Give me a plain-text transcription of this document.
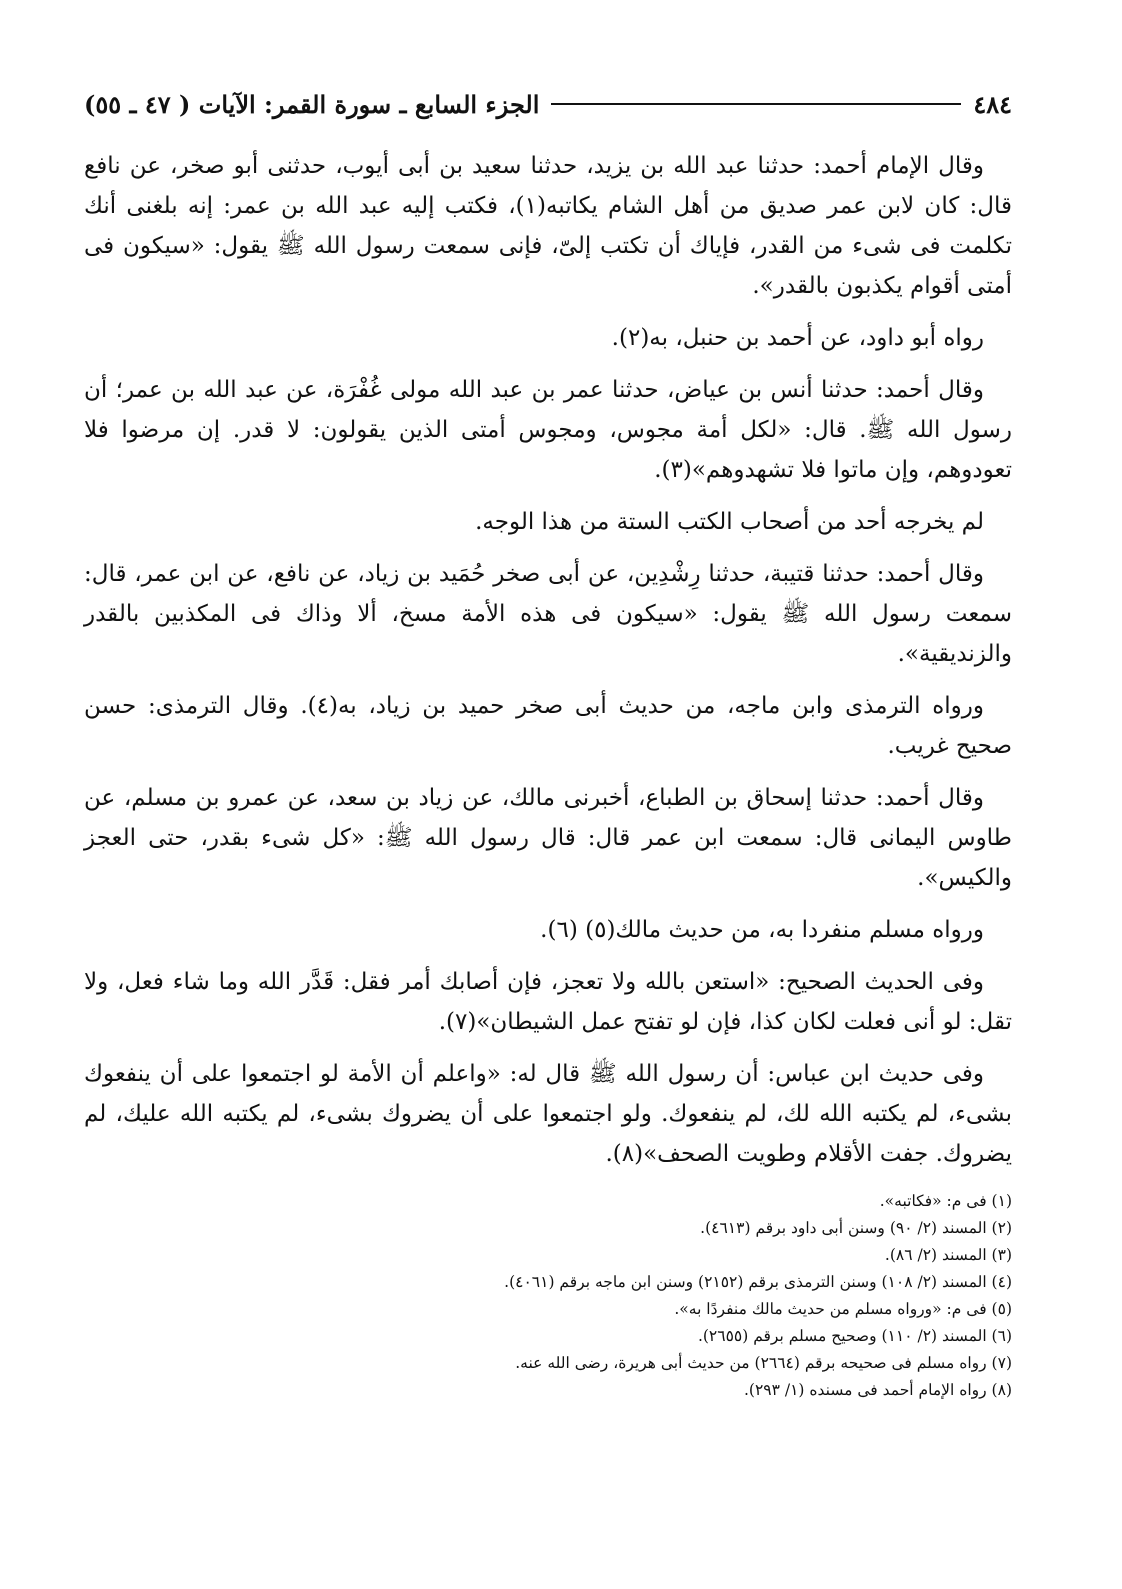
٤٨٤
الجزء السابع ـ سورة القمر: الآيات ( ٤٧ ـ ٥٥)

وقال الإمام أحمد: حدثنا عبد الله بن يزيد، حدثنا سعيد بن أبى أيوب، حدثنى أبو صخر، عن نافع قال: كان لابن عمر صديق من أهل الشام يكاتبه(١)، فكتب إليه عبد الله بن عمر: إنه بلغنى أنك تكلمت فى شىء من القدر، فإياك أن تكتب إلىّ، فإنى سمعت رسول الله ﷺ يقول: «سيكون فى أمتى أقوام يكذبون بالقدر».

رواه أبو داود، عن أحمد بن حنبل، به(٢).

وقال أحمد: حدثنا أنس بن عياض، حدثنا عمر بن عبد الله مولى غُفْرَة، عن عبد الله بن عمر؛ أن رسول الله ﷺ. قال: «لكل أمة مجوس، ومجوس أمتى الذين يقولون: لا قدر. إن مرضوا فلا تعودوهم، وإن ماتوا فلا تشهدوهم»(٣).

لم يخرجه أحد من أصحاب الكتب الستة من هذا الوجه.

وقال أحمد: حدثنا قتيبة، حدثنا رِشْدِين، عن أبى صخر حُمَيد بن زياد، عن نافع، عن ابن عمر، قال: سمعت رسول الله ﷺ يقول: «سيكون فى هذه الأمة مسخ، ألا وذاك فى المكذبين بالقدر والزنديقية».

ورواه الترمذى وابن ماجه، من حديث أبى صخر حميد بن زياد، به(٤). وقال الترمذى: حسن صحيح غريب.

وقال أحمد: حدثنا إسحاق بن الطباع، أخبرنى مالك، عن زياد بن سعد، عن عمرو بن مسلم، عن طاوس اليمانى قال: سمعت ابن عمر قال: قال رسول الله ﷺ: «كل شىء بقدر، حتى العجز والكيس».

ورواه مسلم منفردا به، من حديث مالك(٥) (٦).

وفى الحديث الصحيح: «استعن بالله ولا تعجز، فإن أصابك أمر فقل: قَدَّر الله وما شاء فعل، ولا تقل: لو أنى فعلت لكان كذا، فإن لو تفتح عمل الشيطان»(٧).

وفى حديث ابن عباس: أن رسول الله ﷺ قال له: «واعلم أن الأمة لو اجتمعوا على أن ينفعوك بشىء، لم يكتبه الله لك، لم ينفعوك. ولو اجتمعوا على أن يضروك بشىء، لم يكتبه الله عليك، لم يضروك. جفت الأقلام وطويت الصحف»(٨).

(١) فى م: «فكاتبه».

(٢) المسند (٢/ ٩٠) وسنن أبى داود برقم (٤٦١٣).

(٣) المسند (٢/ ٨٦).

(٤) المسند (٢/ ١٠٨) وسنن الترمذى برقم (٢١٥٢) وسنن ابن ماجه برقم (٤٠٦١).

(٥) فى م: «ورواه مسلم من حديث مالك منفردًا به».

(٦) المسند (٢/ ١١٠) وصحيح مسلم برقم (٢٦٥٥).

(٧) رواه مسلم فى صحيحه برقم (٢٦٦٤) من حديث أبى هريرة، رضى الله عنه.

(٨) رواه الإمام أحمد فى مسنده (١/ ٢٩٣).
